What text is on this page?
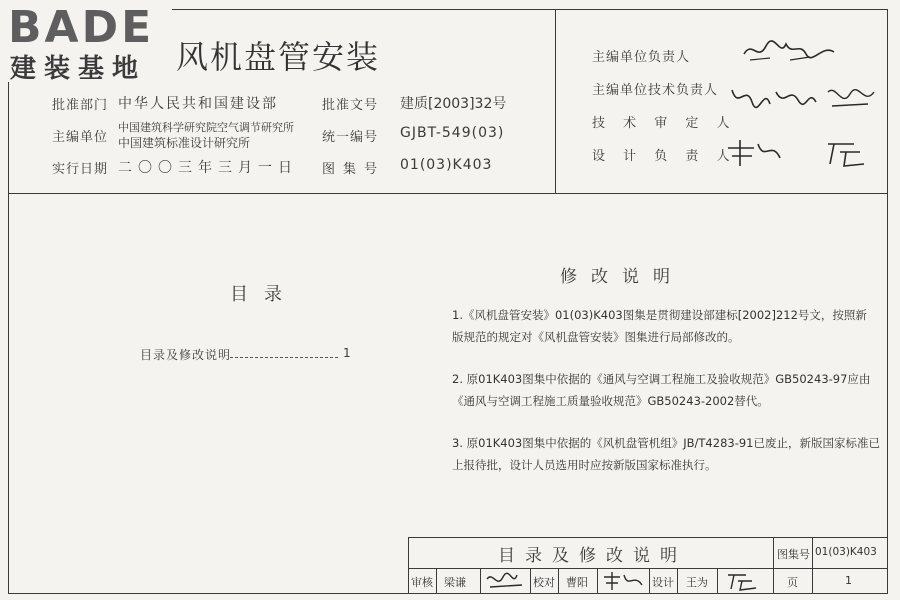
BADE
建装基地 风机盘管安装
批准部门 中华人民共和国建设部	批准文号 建质[2003]32号
主编单位
中国建筑科学研究院空气调节研究所
中国建筑标准设计研究所	统一编号 GJBT-549(03)
实行日期 二〇〇三年三月一日 图集号 01(03)K403
主编单位负责人
主编单位技术负责人
技 术 审 定 人
设 计 负 责 人
目录
目录及修改说明	1
修改说明
1.《风机盘管安装》01(03)K403图集是贯彻建设部建标[2002]212号文，按照新
版规范的规定对《风机盘管安装》图集进行局部修改的。
2. 原01K403图集中依据的《通风与空调工程施工及验收规范》GB50243-97应由
《通风与空调工程施工质量验收规范》GB50243-2002替代。
3. 原01K403图集中依据的《风机盘管机组》JB/T4283-91已废止，新版国家标准已
上报待批，设计人员选用时应按新版国家标准执行。
目录及修改说明	图集号 01(03)K403
审核 梁谦	校对 曹阳	设计 王为	页	1
